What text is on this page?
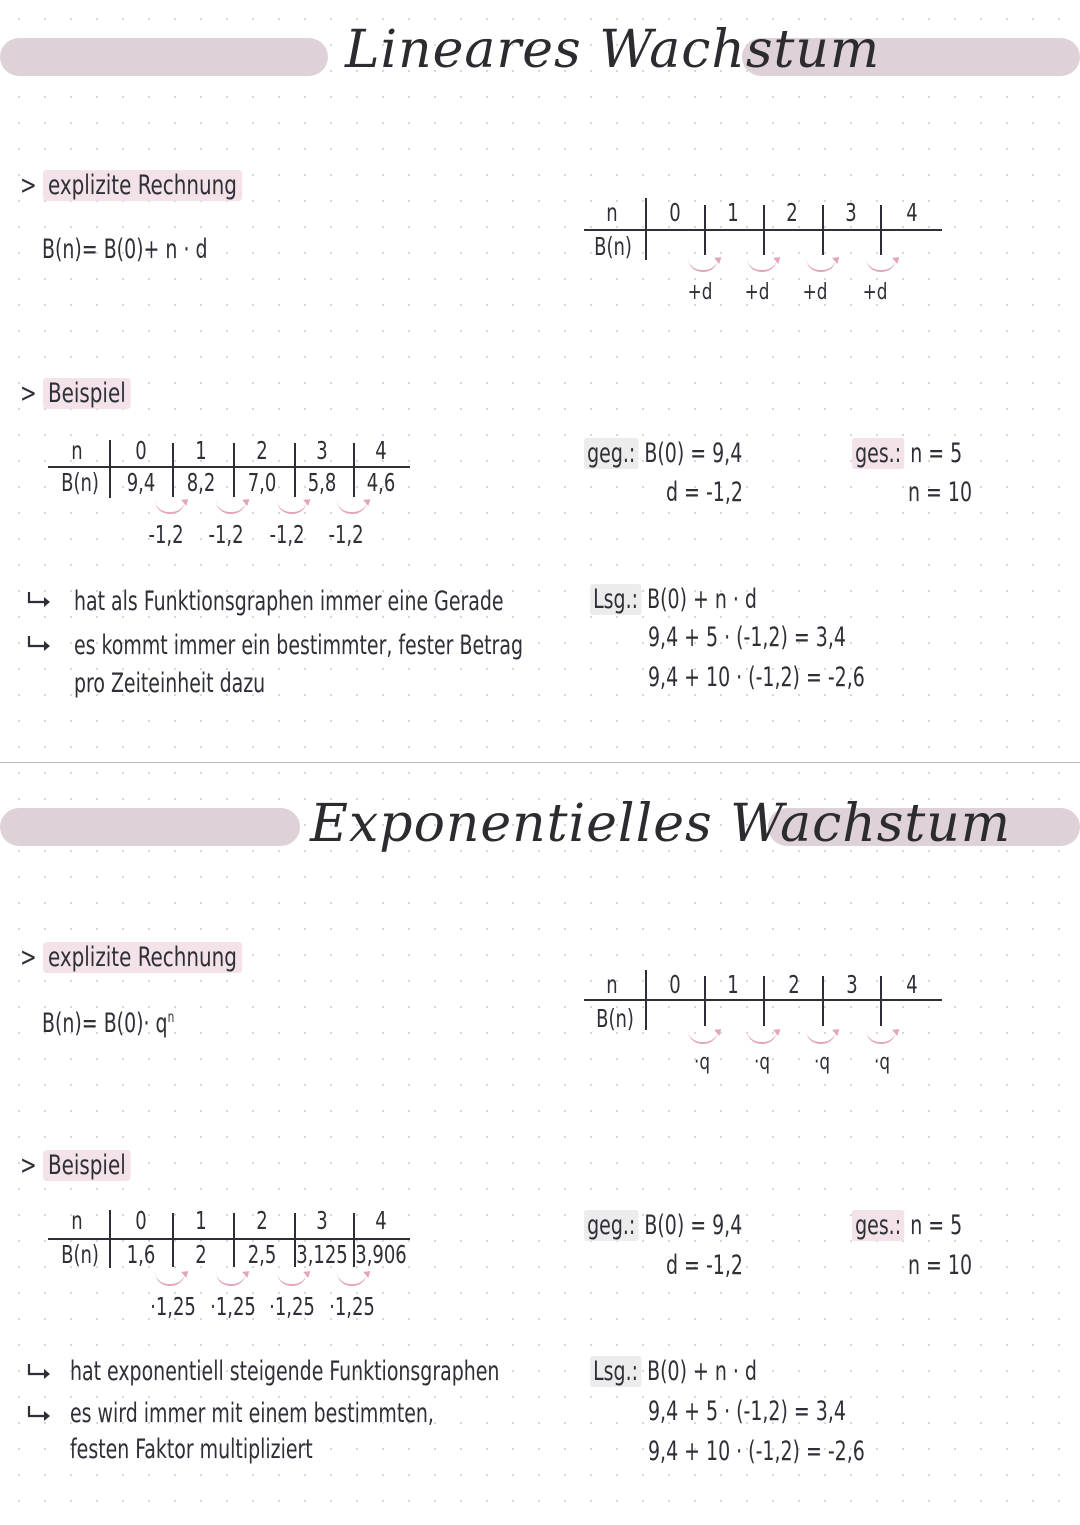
Lineares Wachstum
> explizite Rechnung
B(n)= B(0)+ n · d
n
B(n)
0 1 2 3 4
+d +d +d +d
> Beispiel
n
B(n)
0 1 2 3 4
9,4 8,2 7,0 5,8 4,6
-1,2 -1,2 -1,2 -1,2
geg.: B(0) = 9,4
d = -1,2
ges.: n = 5
n = 10
hat als Funktionsgraphen immer eine Gerade
es kommt immer ein bestimmter, fester Betrag
pro Zeiteinheit dazu
Lsg.: B(0) + n · d
9,4 + 5 · (-1,2) = 3,4
9,4 + 10 · (-1,2) = -2,6
Exponentielles Wachstum
> explizite Rechnung
$B(n)= B(0)\cdot q^n$
n
B(n)
0 1 2 3 4
·q ·q ·q ·q
> Beispiel
n
B(n)
0 1 2 3 4
1,6 2 2,5 3,125 3,906
·1,25 ·1,25 ·1,25 ·1,25
geg.: B(0) = 9,4
d = -1,2
ges.: n = 5
n = 10
hat exponentiell steigende Funktionsgraphen
es wird immer mit einem bestimmten,
festen Faktor multipliziert
Lsg.: B(0) + n · d
9,4 + 5 · (-1,2) = 3,4
9,4 + 10 · (-1,2) = -2,6
